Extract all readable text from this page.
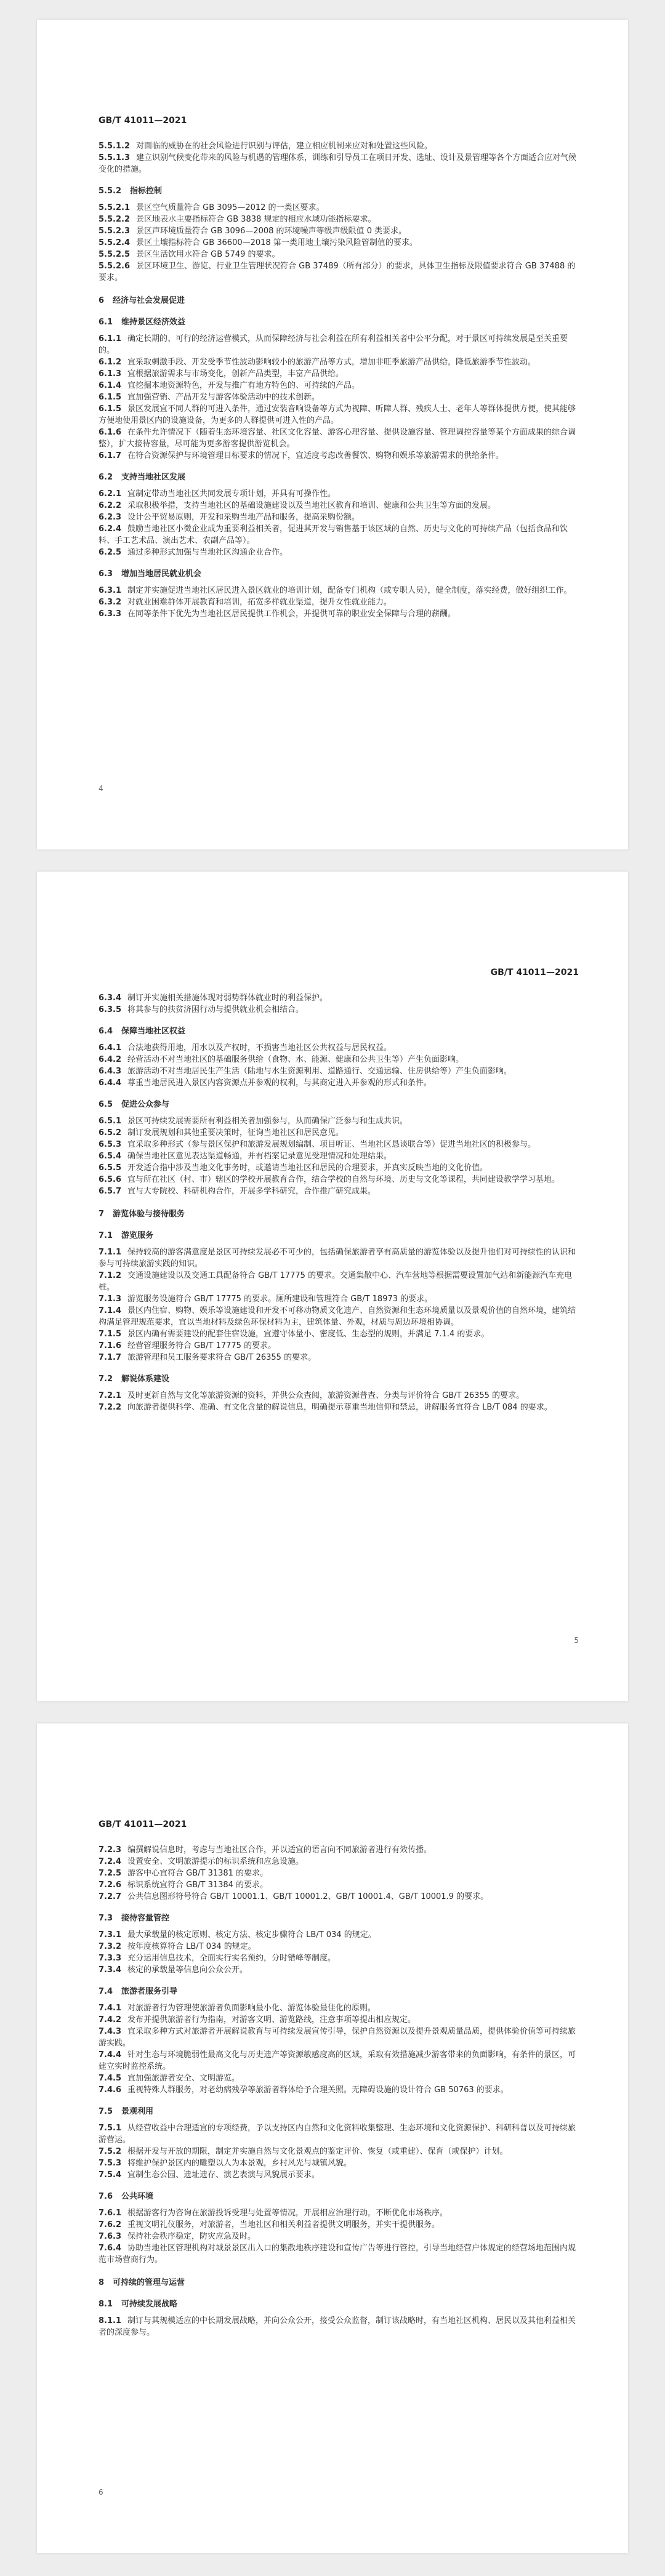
GB/T 41011—2021
5.5.1.2 对面临的威胁在的社会风险进行识别与评估，建立相应机制来应对和处置这些风险。
5.5.1.3 建立识别气候变化带来的风险与机遇的管理体系，训练和引导员工在项目开发、选址、设计及景管理等各个方面适合应对气候变化的措施。
5.5.2 指标控制
5.5.2.1 景区空气质量符合 GB 3095—2012 的一类区要求。
5.5.2.2 景区地表水主要指标符合 GB 3838 规定的相应水域功能指标要求。
5.5.2.3 景区声环境质量符合 GB 3096—2008 的环境噪声等级声级限值 0 类要求。
5.5.2.4 景区土壤指标符合 GB 36600—2018 第一类用地土壤污染风险管制值的要求。
5.5.2.5 景区生活饮用水符合 GB 5749 的要求。
5.5.2.6 景区环境卫生、游览、行业卫生管理状况符合 GB 37489（所有部分）的要求，具体卫生指标及限值要求符合 GB 37488 的要求。
6 经济与社会发展促进
6.1 维持景区经济效益
6.1.1 确定长期的、可行的经济运营模式，从而保障经济与社会利益在所有利益相关者中公平分配，对于景区可持续发展是至关重要的。
6.1.2 宜采取刺激手段、开发受季节性波动影响较小的旅游产品等方式，增加非旺季旅游产品供给，降低旅游季节性波动。
6.1.3 宜根据旅游需求与市场变化，创新产品类型，丰富产品供给。
6.1.4 宜挖掘本地资源特色，开发与推广有地方特色的、可持续的产品。
6.1.5 宜加强营销、产品开发与游客体验活动中的技术创新。
6.1.5 景区发展宜不同人群的可进入条件，通过安装音响设备等方式为视障、听障人群、残疾人士、老年人等群体提供方便，使其能够方便地使用景区内的设施设备，为更多的人群提供可进入性的产品。
6.1.6 在条件允许情况下（随着生态环境容量、社区文化容量、游客心理容量、提供设施容量、管理调控容量等某个方面成果的综合调整），扩大接待容量，尽可能为更多游客提供游览机会。
6.1.7 在符合资源保护与环境管理目标要求的情况下，宜适度考虑改善餐饮、购物和娱乐等旅游需求的供给条件。
6.2 支持当地社区发展
6.2.1 宜制定带动当地社区共同发展专项计划，并具有可操作性。
6.2.2 采取积极举措，支持当地社区的基础设施建设以及当地社区教育和培训、健康和公共卫生等方面的发展。
6.2.3 设计公平贸易原则，开发和采购当地产品和服务，提高采购份额。
6.2.4 鼓励当地社区小微企业成为重要利益相关者，促进其开发与销售基于该区域的自然、历史与文化的可持续产品（包括食品和饮料、手工艺术品、演出艺术、农副产品等）。
6.2.5 通过多种形式加强与当地社区沟通企业合作。
6.3 增加当地居民就业机会
6.3.1 制定并实施促进当地社区居民进入景区就业的培训计划，配备专门机构（或专职人员），健全制度，落实经费，做好组织工作。
6.3.2 对就业困难群体开展教育和培训，拓宽多样就业渠道，提升女性就业能力。
6.3.3 在同等条件下优先为当地社区居民提供工作机会，并提供可靠的职业安全保障与合理的薪酬。
4
GB/T 41011—2021
6.3.4 制订并实施相关措施体现对弱势群体就业时的利益保护。
6.3.5 将其参与的扶贫济困行动与提供就业机会相结合。
6.4 保障当地社区权益
6.4.1 合法地获得用地，用水以及产权时，不损害当地社区公共权益与居民权益。
6.4.2 经营活动不对当地社区的基础服务供给（食物、水、能源、健康和公共卫生等）产生负面影响。
6.4.3 旅游活动不对当地居民生产生活（陆地与水生资源利用、道路通行、交通运输、住房供给等）产生负面影响。
6.4.4 尊重当地居民进入景区内容资源点并参观的权利，与其商定进入并参观的形式和条件。
6.5 促进公众参与
6.5.1 景区可持续发展需要所有利益相关者加强参与，从而确保广泛参与和生成共识。
6.5.2 制订发展规划和其他重要决策时，征询当地社区和居民意见。
6.5.3 宜采取多种形式（参与景区保护和旅游发展规划编制、项目听证、当地社区恳谈联合等）促进当地社区的积极参与。
6.5.4 确保当地社区意见表达渠道畅通，并有档案记录意见受理情况和处理结果。
6.5.5 开发适合指中涉及当地文化事务时，或邀请当地社区和居民的合理要求，并真实反映当地的文化价值。
6.5.6 宜与所在社区（村、市）辖区的学校开展教育合作，结合学校的自然与环境、历史与文化等课程，共同建设教学学习基地。
6.5.7 宜与大专院校、科研机构合作，开展多学科研究，合作推广研究成果。
7 游览体验与接待服务
7.1 游览服务
7.1.1 保持较高的游客满意度是景区可持续发展必不可少的，包括确保旅游者享有高质量的游览体验以及提升他们对可持续性的认识和参与可持续旅游实践的知识。
7.1.2 交通设施建设以及交通工具配备符合 GB/T 17775 的要求。交通集散中心、汽车营地等根据需要设置加气站和新能源汽车充电桩。
7.1.3 游览服务设施符合 GB/T 17775 的要求。厕所建设和管理符合 GB/T 18973 的要求。
7.1.4 景区内住宿、购物、娱乐等设施建设和开发不可移动物质文化遗产、自然资源和生态环境质量以及景观价值的自然环境，建筑结构满足管理规范要求，宜以当地材料及绿色环保材料为主，建筑体量、外观，材质与周边环境相协调。
7.1.5 景区内确有需要建设的配套住宿设施，宜遵守体量小、密度低、生态型的规则，并满足 7.1.4 的要求。
7.1.6 经营管理服务符合 GB/T 17775 的要求。
7.1.7 旅游管理和员工服务要求符合 GB/T 26355 的要求。
7.2 解说体系建设
7.2.1 及时更新自然与文化等旅游资源的资料，并供公众查阅，旅游资源普查、分类与评价符合 GB/T 26355 的要求。
7.2.2 向旅游者提供科学、准确、有文化含量的解说信息，明确提示尊重当地信仰和禁忌，讲解服务宜符合 LB/T 084 的要求。
5
GB/T 41011—2021
7.2.3 编撰解说信息时，考虑与当地社区合作，并以适宜的语言向不同旅游者进行有效传播。
7.2.4 设置安全、文明旅游提示的标识系统和应急设施。
7.2.5 游客中心宜符合 GB/T 31381 的要求。
7.2.6 标识系统宜符合 GB/T 31384 的要求。
7.2.7 公共信息图形符号符合 GB/T 10001.1、GB/T 10001.2、GB/T 10001.4、GB/T 10001.9 的要求。
7.3 接待容量管控
7.3.1 最大承载量的核定原则、核定方法、核定步骤符合 LB/T 034 的规定。
7.3.2 按年度核算符合 LB/T 034 的规定。
7.3.3 充分运用信息技术，全面实行实名预约，分时错峰等制度。
7.3.4 核定的承载量等信息向公众公开。
7.4 旅游者服务引导
7.4.1 对旅游者行为管理使旅游者负面影响最小化、游览体验最佳化的原则。
7.4.2 发布并提供旅游者行为指南，对游客文明、游览路线，注意事项等提出相应规定。
7.4.3 宜采取多种方式对旅游者开展解说教育与可持续发展宣传引导，保护自然资源以及提升景观质量品质，提供体验价值等可持续旅游实践。
7.4.4 针对生态与环境脆弱性最高文化与历史遗产等资源敏感度高的区域，采取有效措施减少游客带来的负面影响，有条件的景区，可建立实时监控系统。
7.4.5 宜加强旅游者安全、文明游览。
7.4.6 重视特殊人群服务，对老幼病残孕等旅游者群体给予合理关照。无障碍设施的设计符合 GB 50763 的要求。
7.5 景观利用
7.5.1 从经营收益中合理适宜的专项经费，予以支持区内自然和文化资料收集整理、生态环境和文化资源保护、科研科普以及可持续旅游营运。
7.5.2 根据开发与开放的期限，制定并实施自然与文化景观点的鉴定评价、恢复（或重建）、保育（或保护）计划。
7.5.3 将维护保护景区内的雕塑以人为本景观，乡村风光与城镇风貌。
7.5.4 宜制生态公园、遗址遗存、演艺表演与风貌展示要求。
7.6 公共环境
7.6.1 根据游客行为咨询在旅游投诉受理与处置等情况，开展相应治理行动，不断优化市场秩序。
7.6.2 重视文明礼仪服务，对旅游者，当地社区和相关利益者提供文明服务，并实干提供服务。
7.6.3 保持社会秩序稳定，防灾应急及时。
7.6.4 协助当地社区管理机构对城景景区出入口的集散地秩序建设和宣传广告等进行管控，引导当地经营户体规定的经营场地范围内规范市场营商行为。
8 可持续的管理与运营
8.1 可持续发展战略
8.1.1 制订与其规模适应的中长期发展战略，并向公众公开，接受公众监督，制订该战略时，有当地社区机构、居民以及其他利益相关者的深度参与。
6
